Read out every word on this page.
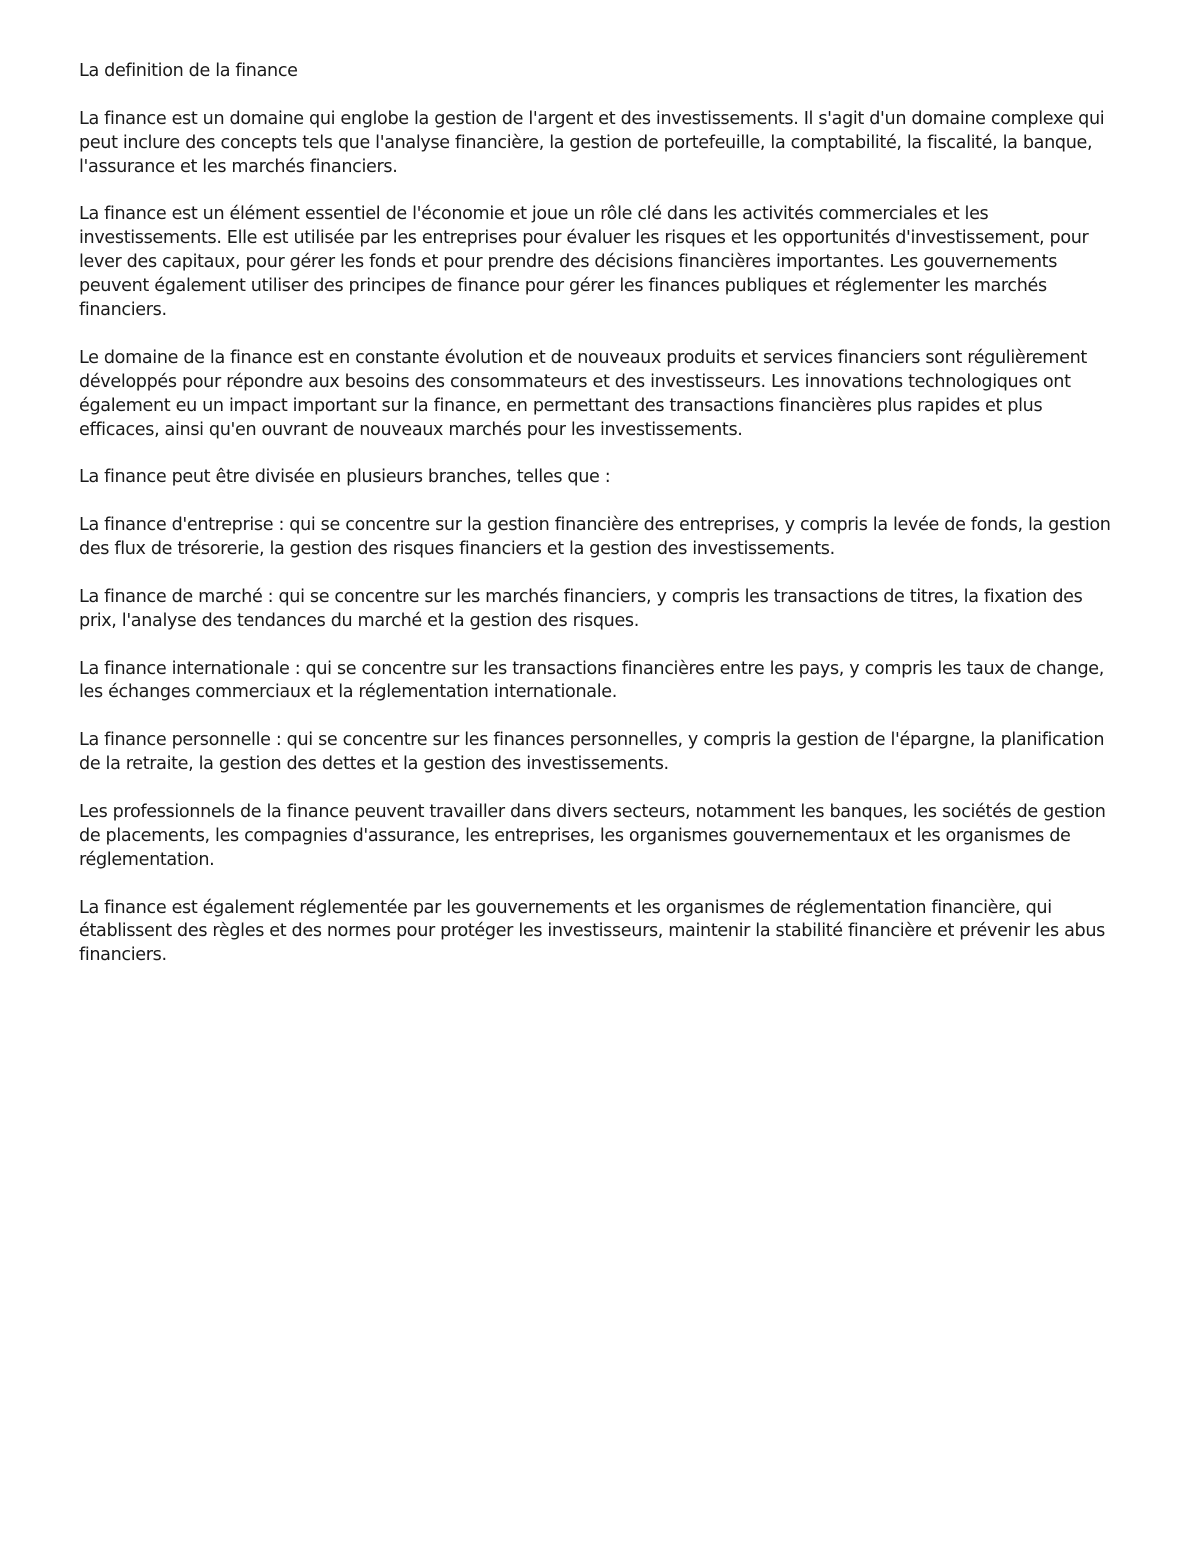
La definition de la finance

La finance est un domaine qui englobe la gestion de l'argent et des investissements. Il s'agit d'un domaine complexe qui peut inclure des concepts tels que l'analyse financière, la gestion de portefeuille, la comptabilité, la fiscalité, la banque, l'assurance et les marchés financiers.

La finance est un élément essentiel de l'économie et joue un rôle clé dans les activités commerciales et les investissements. Elle est utilisée par les entreprises pour évaluer les risques et les opportunités d'investissement, pour lever des capitaux, pour gérer les fonds et pour prendre des décisions financières importantes. Les gouvernements peuvent également utiliser des principes de finance pour gérer les finances publiques et réglementer les marchés financiers.

Le domaine de la finance est en constante évolution et de nouveaux produits et services financiers sont régulièrement développés pour répondre aux besoins des consommateurs et des investisseurs. Les innovations technologiques ont également eu un impact important sur la finance, en permettant des transactions financières plus rapides et plus efficaces, ainsi qu'en ouvrant de nouveaux marchés pour les investissements.

La finance peut être divisée en plusieurs branches, telles que :

La finance d'entreprise : qui se concentre sur la gestion financière des entreprises, y compris la levée de fonds, la gestion des flux de trésorerie, la gestion des risques financiers et la gestion des investissements.

La finance de marché : qui se concentre sur les marchés financiers, y compris les transactions de titres, la fixation des prix, l'analyse des tendances du marché et la gestion des risques.

La finance internationale : qui se concentre sur les transactions financières entre les pays, y compris les taux de change, les échanges commerciaux et la réglementation internationale.

La finance personnelle : qui se concentre sur les finances personnelles, y compris la gestion de l'épargne, la planification de la retraite, la gestion des dettes et la gestion des investissements.

Les professionnels de la finance peuvent travailler dans divers secteurs, notamment les banques, les sociétés de gestion de placements, les compagnies d'assurance, les entreprises, les organismes gouvernementaux et les organismes de réglementation.

La finance est également réglementée par les gouvernements et les organismes de réglementation financière, qui établissent des règles et des normes pour protéger les investisseurs, maintenir la stabilité financière et prévenir les abus financiers.
